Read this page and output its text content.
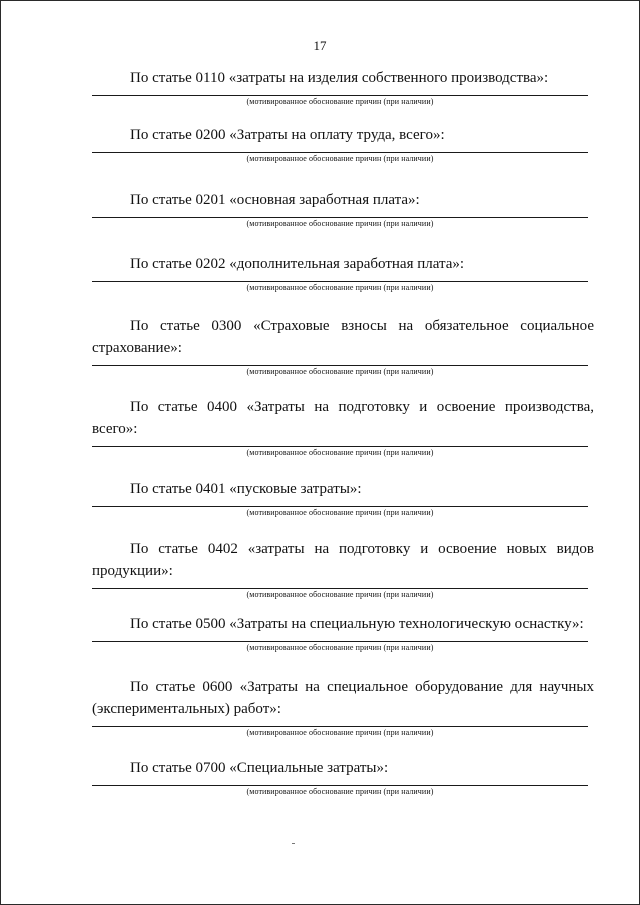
17

По статье 0110 «затраты на изделия собственного производства»:

(мотивированное обоснование причин (при наличии)

По статье 0200 «Затраты на оплату труда, всего»:

(мотивированное обоснование причин (при наличии)

По статье 0201 «основная заработная плата»:

(мотивированное обоснование причин (при наличии)

По статье 0202 «дополнительная заработная плата»:

(мотивированное обоснование причин (при наличии)

По статье 0300 «Страховые взносы на обязательное социальное страхование»:

(мотивированное обоснование причин (при наличии)

По статье 0400 «Затраты на подготовку и освоение производства, всего»:

(мотивированное обоснование причин (при наличии)

По статье 0401 «пусковые затраты»:

(мотивированное обоснование причин (при наличии)

По статье 0402 «затраты на подготовку и освоение новых видов продукции»:

(мотивированное обоснование причин (при наличии)

По статье 0500 «Затраты на специальную технологическую оснастку»:

(мотивированное обоснование причин (при наличии)

По статье 0600 «Затраты на специальное оборудование для научных (экспериментальных) работ»:

(мотивированное обоснование причин (при наличии)

По статье 0700 «Специальные затраты»:

(мотивированное обоснование причин (при наличии)
